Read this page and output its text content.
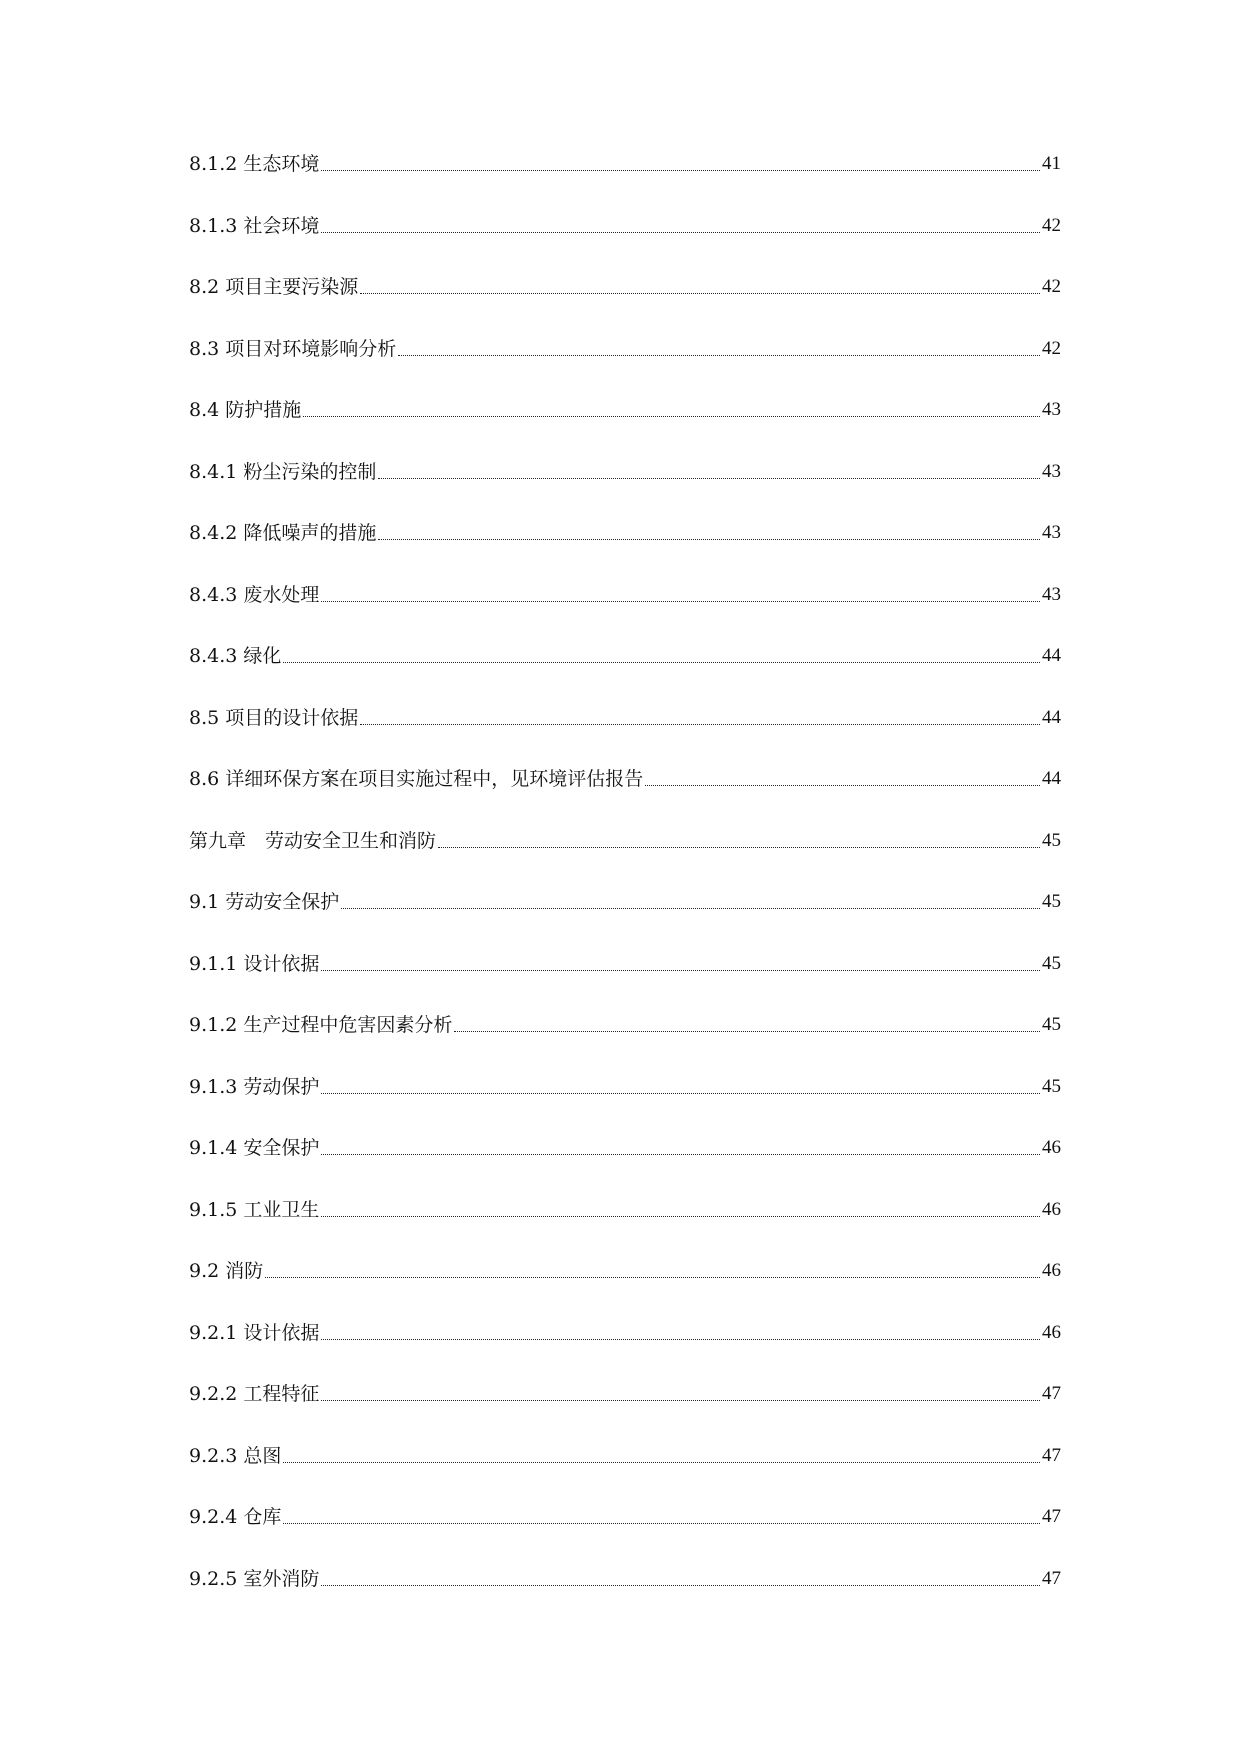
8.1.2 生态环境	41
8.1.3 社会环境	42
8.2 项目主要污染源	42
8.3 项目对环境影响分析	42
8.4 防护措施	43
8.4.1 粉尘污染的控制	43
8.4.2 降低噪声的措施	43
8.4.3 废水处理	43
8.4.3 绿化	44
8.5 项目的设计依据	44
8.6 详细环保方案在项目实施过程中，见环境评估报告	44
第九章　劳动安全卫生和消防	45
9.1 劳动安全保护	45
9.1.1 设计依据	45
9.1.2 生产过程中危害因素分析	45
9.1.3 劳动保护	45
9.1.4 安全保护	46
9.1.5 工业卫生	46
9.2 消防	46
9.2.1 设计依据	46
9.2.2 工程特征	47
9.2.3 总图	47
9.2.4 仓库	47
9.2.5 室外消防	47
